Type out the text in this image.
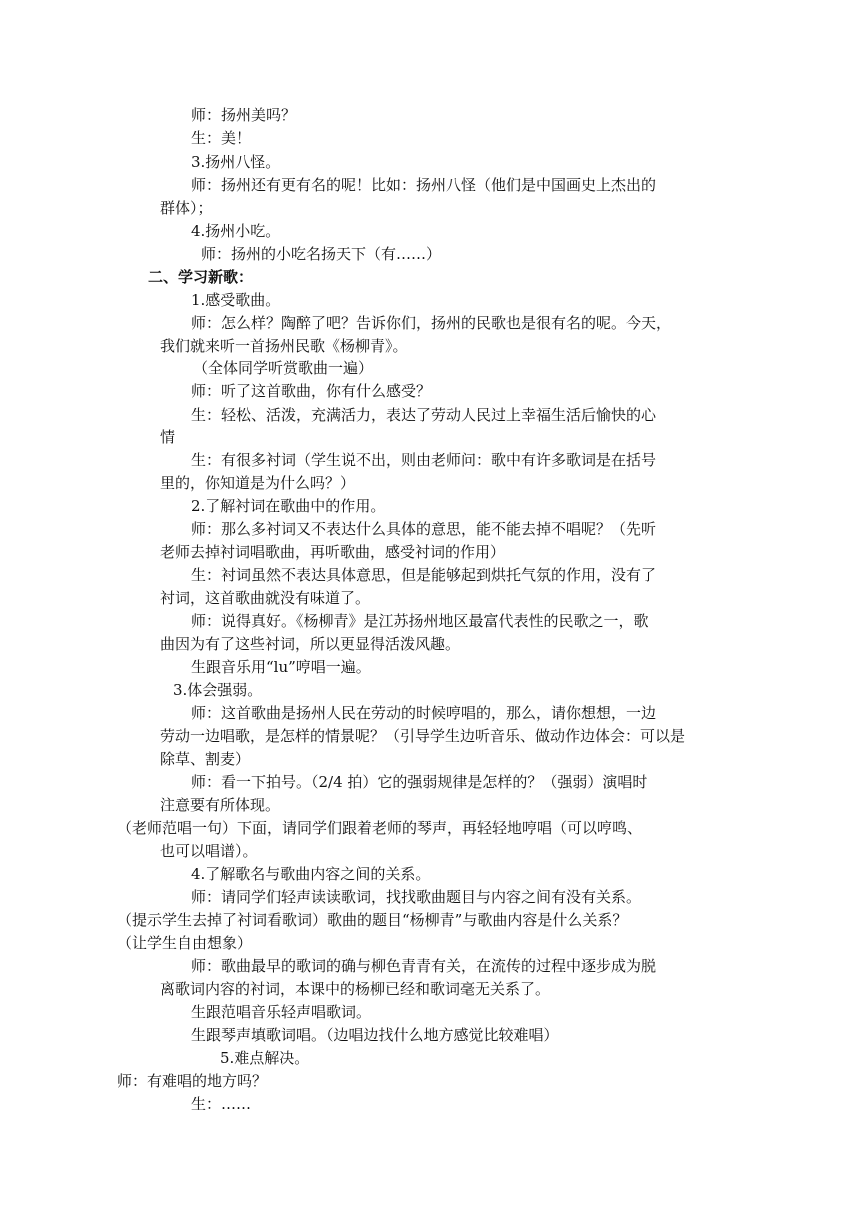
师：扬州美吗？
生：美！
3.扬州八怪。
师：扬州还有更有名的呢！比如：扬州八怪（他们是中国画史上杰出的
群体）；
4.扬州小吃。
师：扬州的小吃名扬天下（有……）
二、学习新歌：
1.感受歌曲。
师：怎么样？陶醉了吧？告诉你们，扬州的民歌也是很有名的呢。今天，
我们就来听一首扬州民歌《杨柳青》。
（全体同学听赏歌曲一遍）
师：听了这首歌曲，你有什么感受？
生：轻松、活泼，充满活力，表达了劳动人民过上幸福生活后愉快的心
情
生：有很多衬词（学生说不出，则由老师问：歌中有许多歌词是在括号
里的，你知道是为什么吗？）
2.了解衬词在歌曲中的作用。
师：那么多衬词又不表达什么具体的意思，能不能去掉不唱呢？（先听
老师去掉衬词唱歌曲，再听歌曲，感受衬词的作用）
生：衬词虽然不表达具体意思，但是能够起到烘托气氛的作用，没有了
衬词，这首歌曲就没有味道了。
师：说得真好。《杨柳青》是江苏扬州地区最富代表性的民歌之一，歌
曲因为有了这些衬词，所以更显得活泼风趣。
生跟音乐用“lu”哼唱一遍。
3.体会强弱。
师：这首歌曲是扬州人民在劳动的时候哼唱的，那么，请你想想，一边
劳动一边唱歌，是怎样的情景呢？（引导学生边听音乐、做动作边体会：可以是
除草、割麦）
师：看一下拍号。（2/4 拍）它的强弱规律是怎样的？（强弱）演唱时
注意要有所体现。
（老师范唱一句）下面，请同学们跟着老师的琴声，再轻轻地哼唱（可以哼鸣、
也可以唱谱）。
4.了解歌名与歌曲内容之间的关系。
师：请同学们轻声读读歌词，找找歌曲题目与内容之间有没有关系。
（提示学生去掉了衬词看歌词）歌曲的题目“杨柳青”与歌曲内容是什么关系？
（让学生自由想象）
师：歌曲最早的歌词的确与柳色青青有关，在流传的过程中逐步成为脱
离歌词内容的衬词，本课中的杨柳已经和歌词毫无关系了。
生跟范唱音乐轻声唱歌词。
生跟琴声填歌词唱。（边唱边找什么地方感觉比较难唱）
5.难点解决。
师：有难唱的地方吗？
生：……
